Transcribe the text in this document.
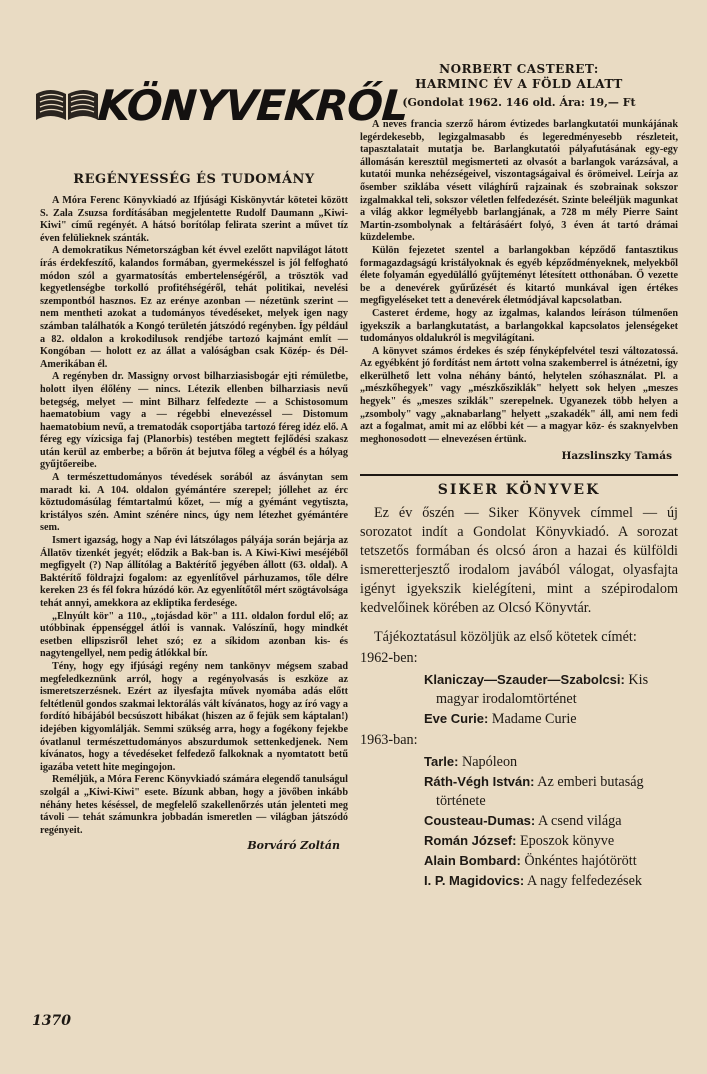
KÖNYVEKRŐL
REGÉNYESSÉG ÉS TUDOMÁNY

A Móra Ferenc Könyvkiadó az Ifjúsági Kiskönyvtár kötetei között S. Zala Zsuzsa fordításában megjelentette Rudolf Daumann „Kiwi-Kiwi" című regényét. A hátsó borítólap felirata szerint a művet tíz éven felülieknek szánták.

A demokratikus Németországban két évvel ezelőtt napvilágot látott írás érdekfeszítő, kalandos formában, gyermekésszel is jól felfogható módon szól a gyarmatosítás embertelenségéről, a trösztök vad kegyetlenségbe torkolló profitéhségéről, tehát politikai, nevelési szempontból hasznos. Ez az erénye azonban — nézetünk szerint — nem mentheti azokat a tudományos tévedéseket, melyek igen nagy számban találhatók a Kongó területén játszódó regényben. Így például a 82. oldalon a krokodilusok rendjébe tartozó kajmánt említ — Kongóban — holott ez az állat a valóságban csak Közép- és Dél-Amerikában él.

A regényben dr. Massigny orvost bilharziasisbogár ejti rémületbe, holott ilyen élőlény — nincs. Létezik ellenben bilharziasis nevű betegség, melyet — mint Bilharz felfedezte — a Schistosomum haematobium vagy a — régebbi elnevezéssel — Distomum haematobium nevű, a trematodák csoportjába tartozó féreg idéz elő. A féreg egy vízicsiga faj (Planorbis) testében megtett fejlődési szakasz után kerül az emberbe; a bőrön át bejutva főleg a végbél és a hólyag gyűjtőereibe.

A természettudományos tévedések sorából az ásványtan sem maradt ki. A 104. oldalon gyémántére szerepel; jóllehet az érc köztudomásúlag fémtartalmú kőzet, — míg a gyémánt vegytiszta, kristályos szén. Amint szénére nincs, úgy nem létezhet gyémántére sem.

Ismert igazság, hogy a Nap évi látszólagos pályája során bejárja az Állatöv tizenkét jegyét; elődzik a Bak-ban is. A Kiwi-Kiwi meséjéből megfigyelt (?) Nap állítólag a Baktérítő jegyében állott (63. oldal). A Baktérítő földrajzi fogalom: az egyenlítővel párhuzamos, tőle délre kereken 23 és fél fokra húzódó kör. Az egyenlítőtől mért szögtávolsága tehát annyi, amekkora az ekliptika ferdesége.

„Elnyúlt kör" a 110., „tojásdad kör" a 111. oldalon fordul elő; az utóbbinak éppenséggel átlói is vannak. Valószínű, hogy mindkét esetben ellipszisről lehet szó; ez a síkidom azonban kis- és nagytengellyel, nem pedig átlókkal bír.

Tény, hogy egy ifjúsági regény nem tankönyv mégsem szabad megfeledkeznünk arról, hogy a regényolvasás is eszköze az ismeretszerzésnek. Ezért az ilyesfajta művek nyomába adás előtt feltétlenül gondos szakmai lektorálás vált kívánatos, hogy az író vagy a fordító hibájából becsúszott hibákat (hiszen az ő fejük sem káptalan!) idejében kigyomlálják. Semmi szükség arra, hogy a fogékony fejekbe óvatlanul természettudományos abszurdumok settenkedjenek. Nem kívánatos, hogy a tévedéseket felfedező falkoknak a nyomtatott betű igazába vetett hite megingojon.

Reméljük, a Móra Ferenc Könyvkiadó számára elegendő tanulságul szolgál a „Kiwi-Kiwi" esete. Bízunk abban, hogy a jövőben inkább néhány hetes késéssel, de megfelelő szakellenőrzés után jelenteti meg távoli — tehát számunkra jobbadán ismeretlen — világban játszódó regényeit.

Borváró Zoltán
1370
NORBERT CASTERET:
HARMINC ÉV A FÖLD ALATT
(Gondolat 1962. 146 old. Ára: 19,— Ft

A neves francia szerző három évtizedes barlangkutatói munkájának legérdekesebb, legizgalmasabb és legeredményesebb részleteit, tapasztalatait mutatja be. Barlangkutatói pályafutásának egy-egy állomásán keresztül megismerteti az olvasót a barlangok varázsával, a kutatói munka nehézségeivel, viszontagságaival és örömeivel. Leírja az ősember sziklába vésett világhírű rajzainak és szobrainak sokszor izgalmakkal teli, sokszor véletlen felfedezését. Szinte beleéljük magunkat a világ akkor legmélyebb barlangjának, a 728 m mély Pierre Saint Martin-zsombolynak a feltárásáért folyó, 3 éven át tartó drámai küzdelembe.

Külön fejezetet szentel a barlangokban képződő fantasztikus formagazdagságú kristályoknak és egyéb képződményeknek, melyekből élete folyamán egyedülálló gyűjteményt létesített otthonában. Ő vezette be a denevérek gyűrűzését és kitartó munkával igen értékes megfigyeléseket tett a denevérek életmódjával kapcsolatban.

Casteret érdeme, hogy az izgalmas, kalandos leíráson túlmenően igyekszik a barlangkutatást, a barlangokkal kapcsolatos jelenségeket tudományos oldalukról is megvilágítani.

A könyvet számos érdekes és szép fényképfelvétel teszi változatossá. Az egyébként jó fordítást nem ártott volna szakemberrel is átnézetni, így elkerülhető lett volna néhány bántó, helytelen szóhasználat. Pl. a „mészkőhegyek" vagy „mészkősziklák" helyett sok helyen „meszes hegyek" és „meszes sziklák" szerepelnek. Ugyanezek több helyen a „zsomboly" vagy „aknabarlang" helyett „szakadék" áll, ami nem fedi azt a fogalmat, amit mi az előbbi két — a magyar köz- és szaknyelvben meghonosodott — elnevezésen értünk.

Hazslinszky Tamás
SIKER KÖNYVEK

Ez év őszén — Siker Könyvek címmel — új sorozatot indít a Gondolat Könyvkiadó. A sorozat tetszetős formában és olcsó áron a hazai és külföldi ismeretterjesztő irodalom javából válogat, olyasfajta igényt igyekszik kielégíteni, mint a szépirodalom kedvelőinek körében az Olcsó Könyvtár.

Tájékoztatásul közöljük az első kötetek címét:

1962-ben:
Klaniczay—Szauder—Szabolcsi: Kis magyar irodalomtörténet
Eve Curie: Madame Curie
1963-ban:
Tarle: Napóleon
Ráth-Végh István: Az emberi butaság története
Cousteau-Dumas: A csend világa
Román József: Eposzok könyve
Alain Bombard: Önkéntes hajótörött
I. P. Magidovics: A nagy felfedezések
